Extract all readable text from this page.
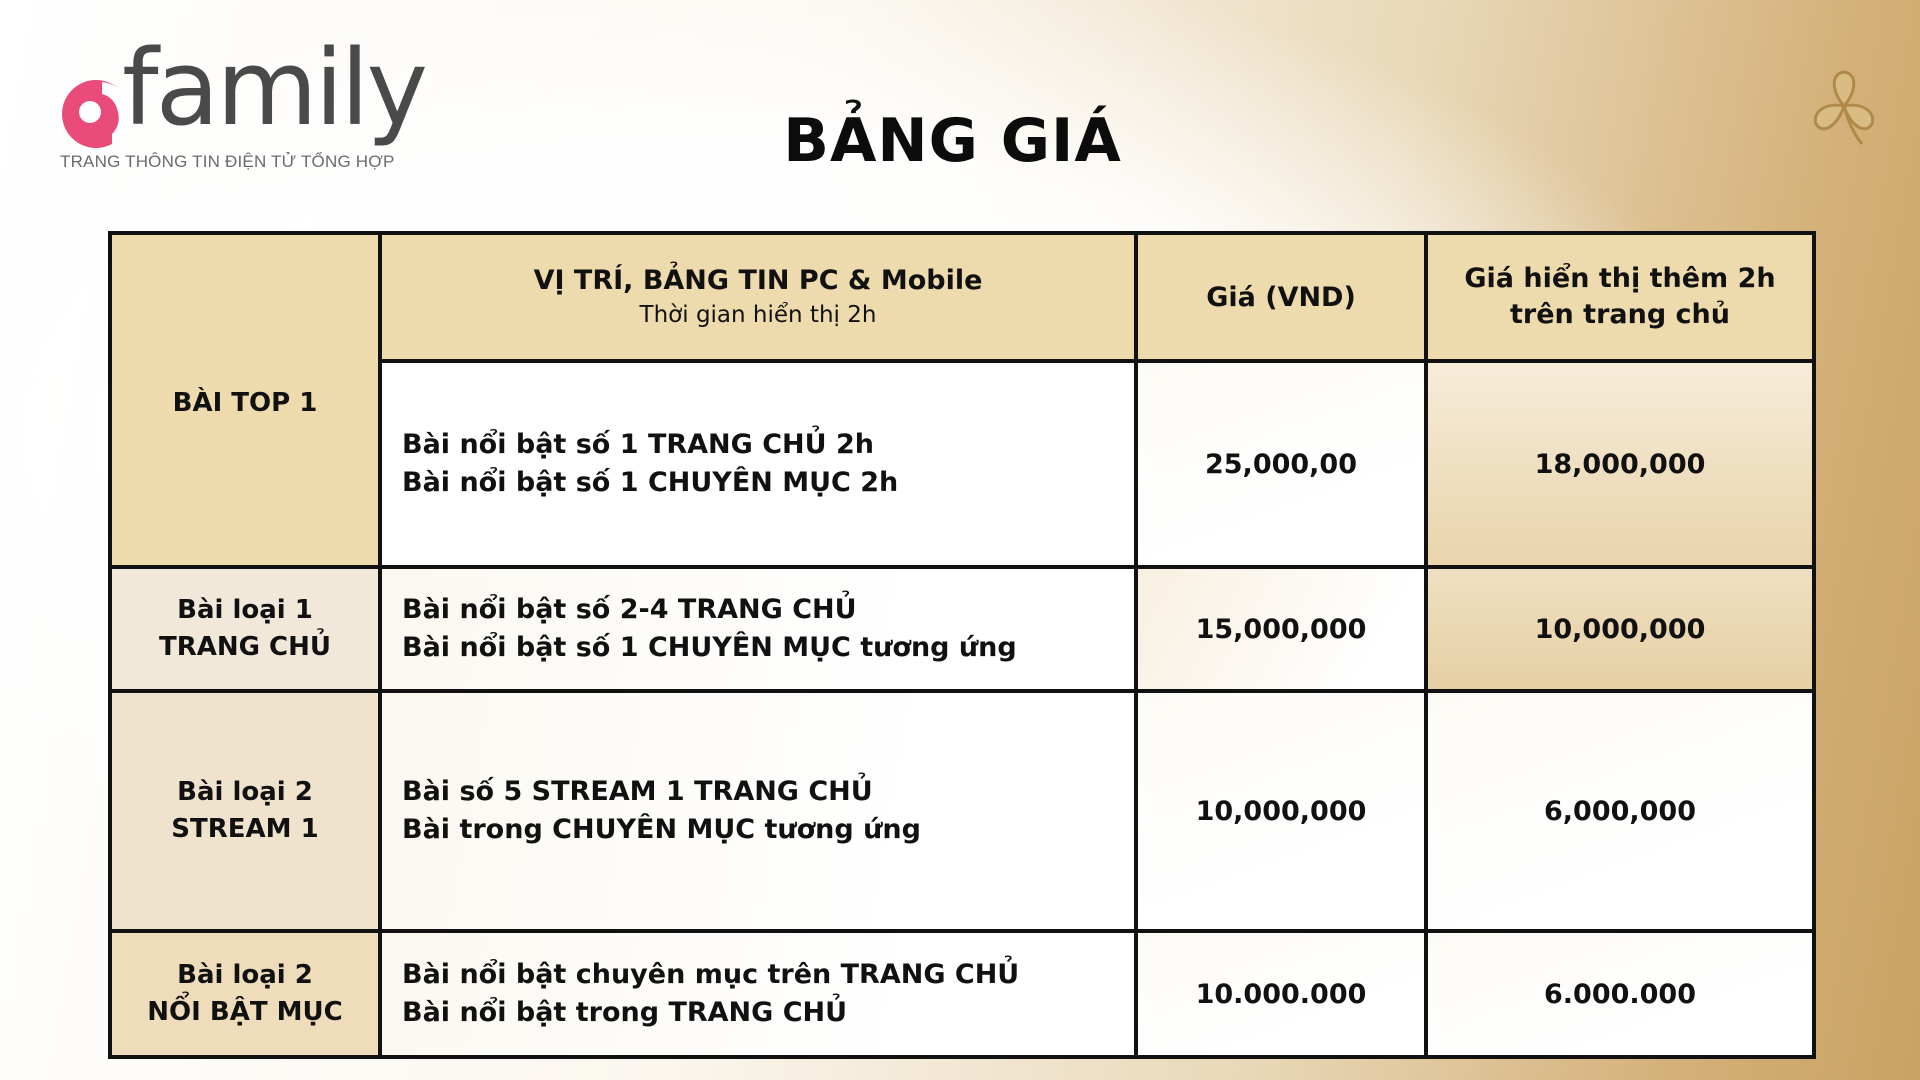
family
TRANG THÔNG TIN ĐIỆN TỬ TỔNG HỢP	BẢNG GIÁ
BÀI TOP 1	VỊ TRÍ, BẢNG TIN PC & Mobile
Thời gian hiển thị 2h	Giá (VND)	Giá hiển thị thêm 2h
trên trang chủ

	Bài nổi bật số 1 TRANG CHỦ 2h
Bài nổi bật số 1 CHUYÊN MỤC 2h	25,000,00	18,000,000

Bài loại 1
TRANG CHỦ	Bài nổi bật số 2-4 TRANG CHỦ
Bài nổi bật số 1 CHUYÊN MỤC tương ứng	15,000,000	10,000,000

Bài loại 2
STREAM 1	Bài số 5 STREAM 1 TRANG CHỦ
Bài trong CHUYÊN MỤC tương ứng	10,000,000	6,000,000

Bài loại 2
NỔI BẬT MỤC	Bài nổi bật chuyên mục trên TRANG CHỦ
Bài nổi bật trong TRANG CHỦ	10.000.000	6.000.000
